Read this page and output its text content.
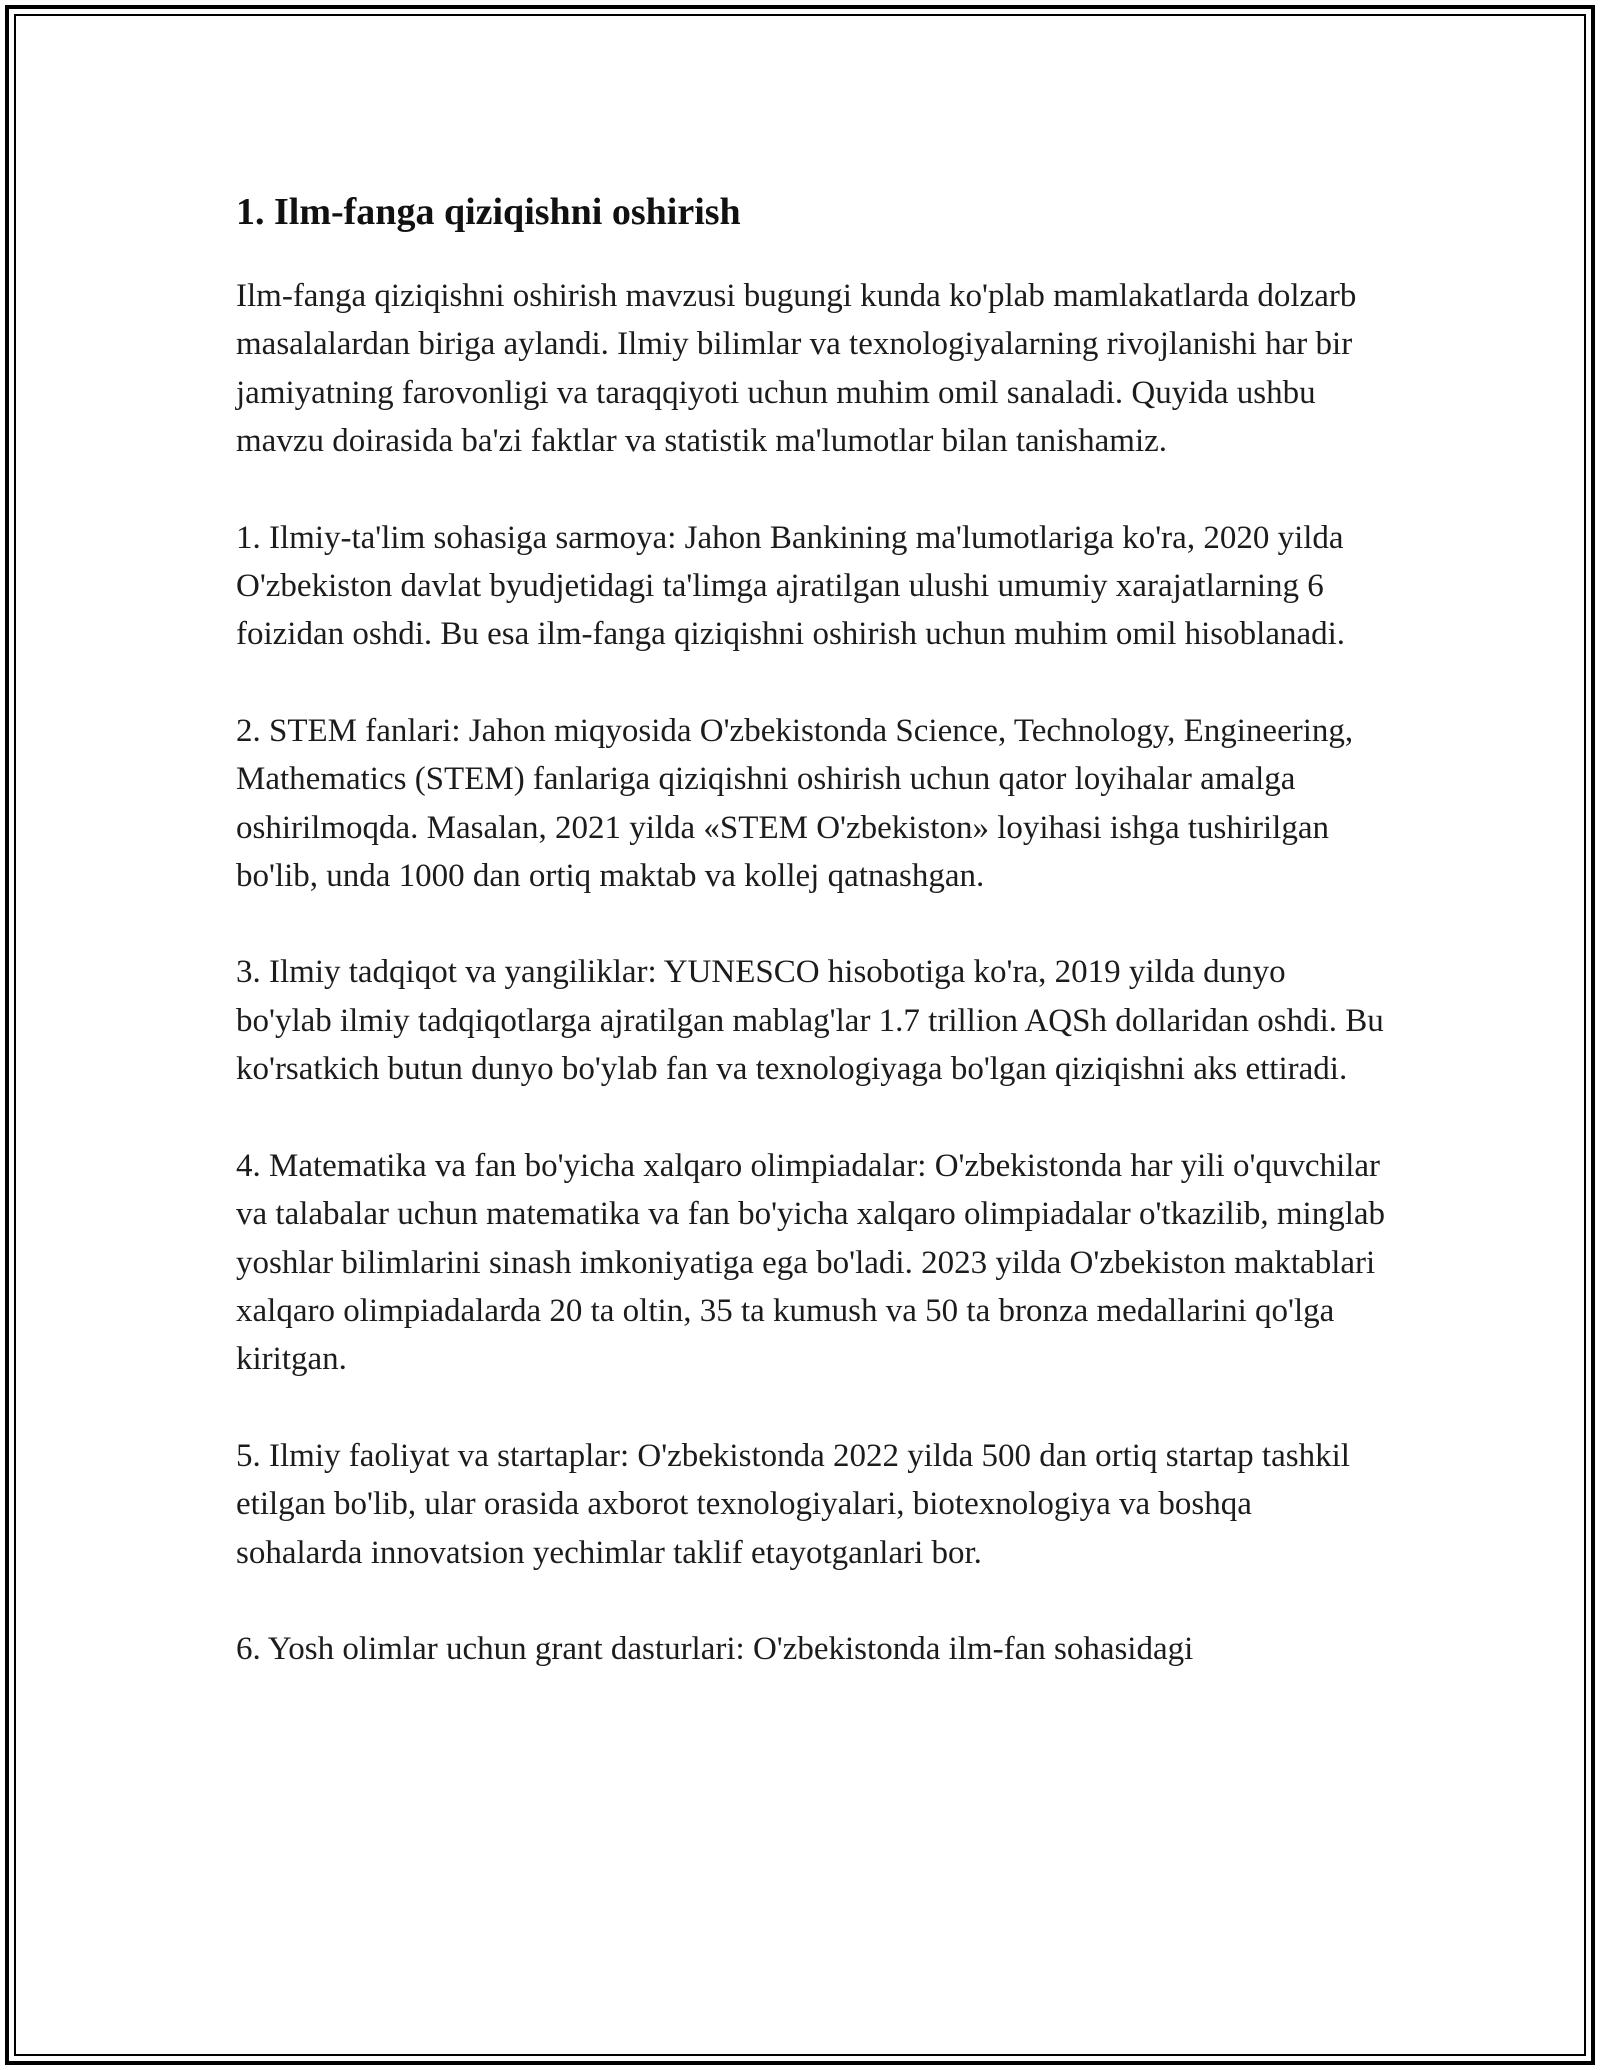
1. Ilm-fanga qiziqishni oshirish

Ilm-fanga qiziqishni oshirish mavzusi bugungi kunda ko'plab mamlakatlarda dolzarb masalalardan biriga aylandi. Ilmiy bilimlar va texnologiyalarning rivojlanishi har bir jamiyatning farovonligi va taraqqiyoti uchun muhim omil sanaladi. Quyida ushbu mavzu doirasida ba'zi faktlar va statistik ma'lumotlar bilan tanishamiz.

1. Ilmiy-ta'lim sohasiga sarmoya: Jahon Bankining ma'lumotlariga ko'ra, 2020 yilda O'zbekiston davlat byudjetidagi ta'limga ajratilgan ulushi umumiy xarajatlarning 6 foizidan oshdi. Bu esa ilm-fanga qiziqishni oshirish uchun muhim omil hisoblanadi.

2. STEM fanlari: Jahon miqyosida O'zbekistonda Science, Technology, Engineering, Mathematics (STEM) fanlariga qiziqishni oshirish uchun qator loyihalar amalga oshirilmoqda. Masalan, 2021 yilda «STEM O'zbekiston» loyihasi ishga tushirilgan bo'lib, unda 1000 dan ortiq maktab va kollej qatnashgan.

3. Ilmiy tadqiqot va yangiliklar: YUNESCO hisobotiga ko'ra, 2019 yilda dunyo bo'ylab ilmiy tadqiqotlarga ajratilgan mablag'lar 1.7 trillion AQSh dollaridan oshdi. Bu ko'rsatkich butun dunyo bo'ylab fan va texnologiyaga bo'lgan qiziqishni aks ettiradi.

4. Matematika va fan bo'yicha xalqaro olimpiadalar: O'zbekistonda har yili o'quvchilar va talabalar uchun matematika va fan bo'yicha xalqaro olimpiadalar o'tkazilib, minglab yoshlar bilimlarini sinash imkoniyatiga ega bo'ladi. 2023 yilda O'zbekiston maktablari xalqaro olimpiadalarda 20 ta oltin, 35 ta kumush va 50 ta bronza medallarini qo'lga kiritgan.

5. Ilmiy faoliyat va startaplar: O'zbekistonda 2022 yilda 500 dan ortiq startap tashkil etilgan bo'lib, ular orasida axborot texnologiyalari, biotexnologiya va boshqa sohalarda innovatsion yechimlar taklif etayotganlari bor.

6. Yosh olimlar uchun grant dasturlari: O'zbekistonda ilm-fan sohasidagi
